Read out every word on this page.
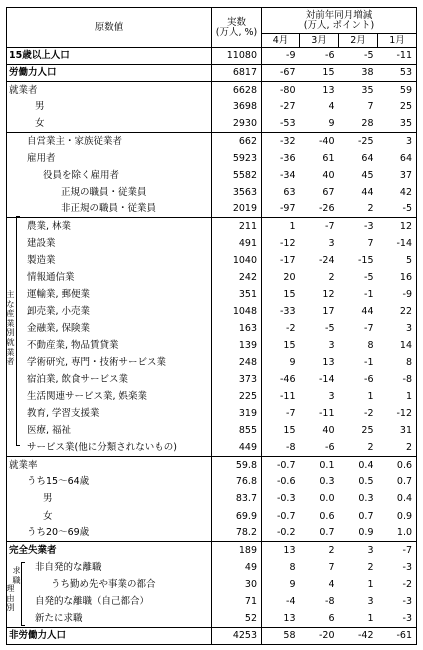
原数値	実数
(万人, %)	対前年同月増減
(万人, ポイント)			
		4月	3月	2月	1月
15歳以上人口	11080	-9	-6	-5	-11
労働力人口	6817	-67	15	38	53
就業者	6628	-80	13	35	59
男	3698	-27	4	7	25
女	2930	-53	9	28	35
自営業主・家族従業者	662	-32	-40	-25	3
雇用者	5923	-36	61	64	64
役員を除く雇用者	5582	-34	40	45	37
正規の職員・従業員	3563	63	67	44	42
非正規の職員・従業員	2019	-97	-26	2	-5
農業, 林業	211	1	-7	-3	12
建設業	491	-12	3	7	-14
製造業	1040	-17	-24	-15	5
情報通信業	242	20	2	-5	16
運輸業, 郵便業	351	15	12	-1	-9
卸売業, 小売業	1048	-33	17	44	22
金融業, 保険業	163	-2	-5	-7	3
不動産業, 物品賃貸業	139	15	3	8	14
学術研究, 専門・技術サービス業	248	9	13	-1	8
宿泊業, 飲食サービス業	373	-46	-14	-6	-8
生活関連サービス業, 娯楽業	225	-11	3	1	1
教育, 学習支援業	319	-7	-11	-2	-12
医療, 福祉	855	15	40	25	31
サービス業(他に分類されないもの)	449	-8	-6	2	2
就業率	59.8	-0.7	0.1	0.4	0.6
うち15～64歳	76.8	-0.6	0.3	0.5	0.7
男	83.7	-0.3	0.0	0.3	0.4
女	69.9	-0.7	0.6	0.7	0.9
うち20～69歳	78.2	-0.2	0.7	0.9	1.0
完全失業者	189	13	2	3	-7
非自発的な離職	49	8	7	2	-3
うち勤め先や事業の都合	30	9	4	1	-2
自発的な離職（自己都合）	71	-4	-8	3	-3
新たに求職	52	13	6	1	-3
非労働力人口	4253	58	-20	-42	-61
主
な
産
業
別
就
業
者
求
職
理
由
別
